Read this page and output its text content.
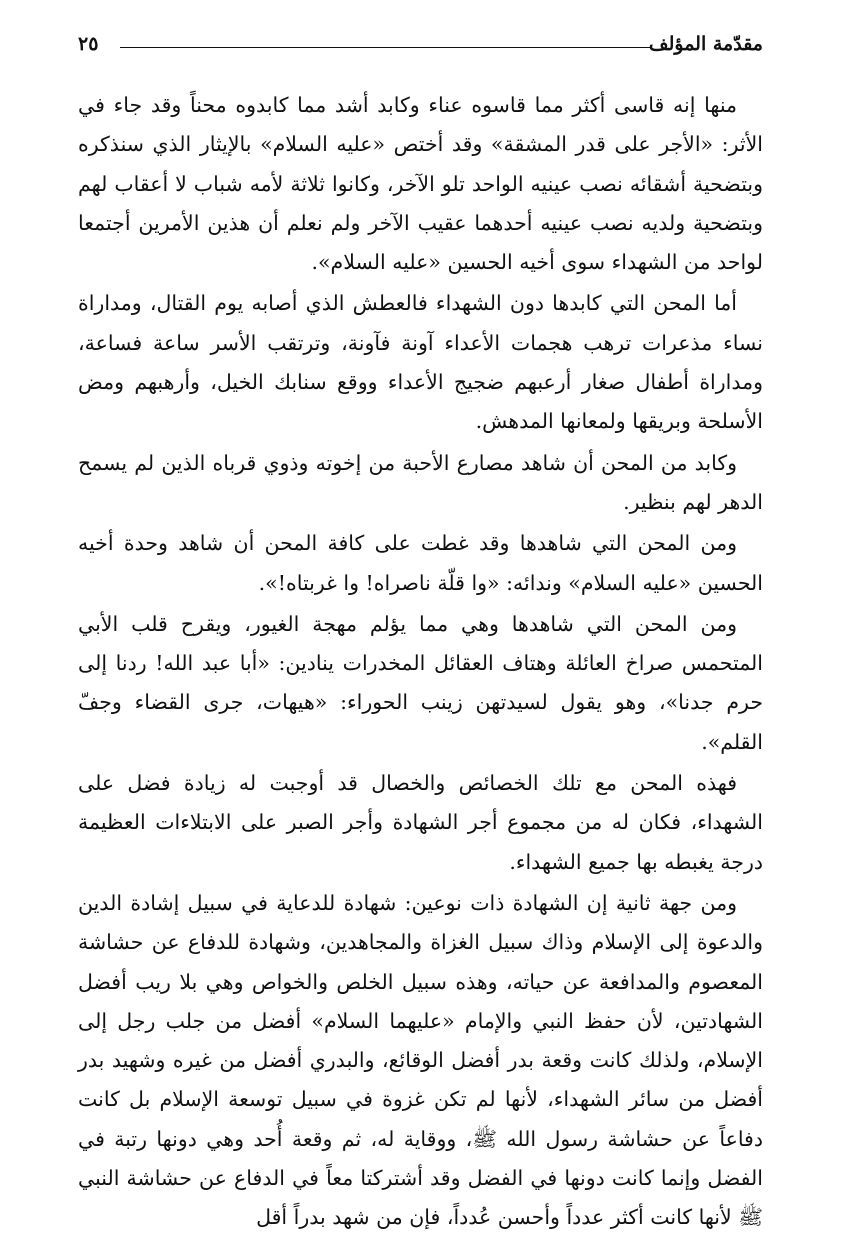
مقدّمة المؤلف
٢٥

منها إنه قاسى أكثر مما قاسوه عناء وكابد أشد مما كابدوه محناً وقد جاء في الأثر: «الأجر على قدر المشقة» وقد أختص «عليه السلام» بالإيثار الذي سنذكره وبتضحية أشقائه نصب عينيه الواحد تلو الآخر، وكانوا ثلاثة لأمه شباب لا أعقاب لهم وبتضحية ولديه نصب عينيه أحدهما عقيب الآخر ولم نعلم أن هذين الأمرين أجتمعا لواحد من الشهداء سوى أخيه الحسين «عليه السلام».

أما المحن التي كابدها دون الشهداء فالعطش الذي أصابه يوم القتال، ومداراة نساء مذعرات ترهب هجمات الأعداء آونة فآونة، وترتقب الأسر ساعة فساعة، ومداراة أطفال صغار أرعبهم ضجيج الأعداء ووقع سنابك الخيل، وأرهبهم ومض الأسلحة وبريقها ولمعانها المدهش.

وكابد من المحن أن شاهد مصارع الأحبة من إخوته وذوي قرباه الذين لم يسمح الدهر لهم بنظير.

ومن المحن التي شاهدها وقد غطت على كافة المحن أن شاهد وحدة أخيه الحسين «عليه السلام» وندائه: «وا قلّة ناصراه! وا غربتاه!».

ومن المحن التي شاهدها وهي مما يؤلم مهجة الغيور، ويقرح قلب الأبي المتحمس صراخ العائلة وهتاف العقائل المخدرات ينادين: «أبا عبد الله! ردنا إلى حرم جدنا»، وهو يقول لسيدتهن زينب الحوراء: «هيهات، جرى القضاء وجفّ القلم».

فهذه المحن مع تلك الخصائص والخصال قد أوجبت له زيادة فضل على الشهداء، فكان له من مجموع أجر الشهادة وأجر الصبر على الابتلاءات العظيمة درجة يغبطه بها جميع الشهداء.

ومن جهة ثانية إن الشهادة ذات نوعين: شهادة للدعاية في سبيل إشادة الدين والدعوة إلى الإسلام وذاك سبيل الغزاة والمجاهدين، وشهادة للدفاع عن حشاشة المعصوم والمدافعة عن حياته، وهذه سبيل الخلص والخواص وهي بلا ريب أفضل الشهادتين، لأن حفظ النبي والإمام «عليهما السلام» أفضل من جلب رجل إلى الإسلام، ولذلك كانت وقعة بدر أفضل الوقائع، والبدري أفضل من غيره وشهيد بدر أفضل من سائر الشهداء، لأنها لم تكن غزوة في سبيل توسعة الإسلام بل كانت دفاعاً عن حشاشة رسول الله ﷺ، ووقاية له، ثم وقعة أُحد وهي دونها رتبة في الفضل وإنما كانت دونها في الفضل وقد أشتركتا معاً في الدفاع عن حشاشة النبي ﷺ لأنها كانت أكثر عدداً وأحسن عُدداً، فإن من شهد بدراً أقل
